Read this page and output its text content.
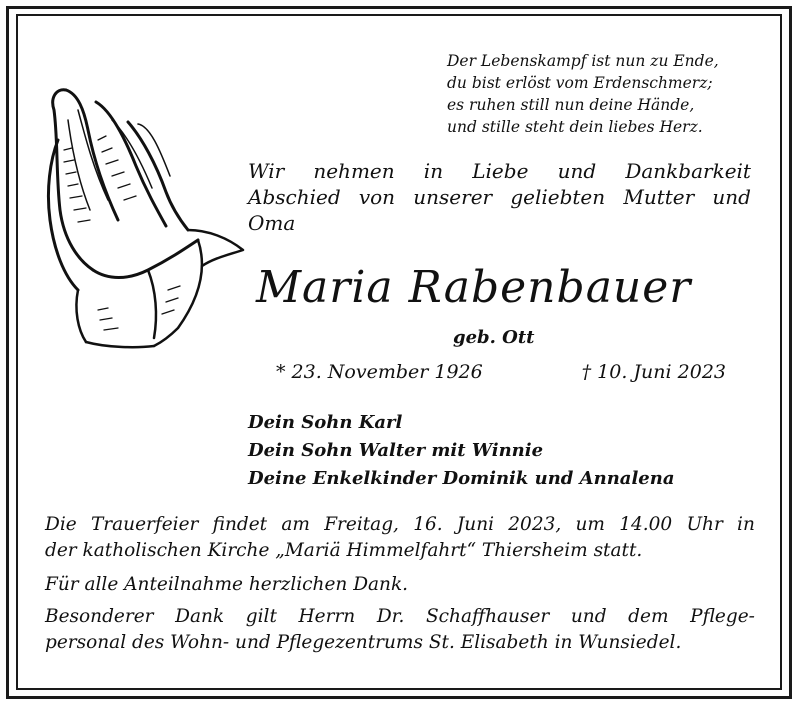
Der Lebenskampf ist nun zu Ende,
du bist erlöst vom Erdenschmerz;
es ruhen still nun deine Hände,
und stille steht dein liebes Herz.
Wir nehmen in Liebe und Dankbarkeit
Abschied von unserer geliebten Mutter und
Oma
Maria Rabenbauer
geb. Ott
* 23. November 1926	† 10. Juni 2023
Dein Sohn Karl
Dein Sohn Walter mit Winnie
Deine Enkelkinder Dominik und Annalena
Die Trauerfeier findet am Freitag, 16. Juni 2023, um 14.00 Uhr in
der katholischen Kirche „Mariä Himmelfahrt“ Thiersheim statt.
Für alle Anteilnahme herzlichen Dank.
Besonderer Dank gilt Herrn Dr. Schaffhauser und dem Pflege-
personal des Wohn- und Pflegezentrums St. Elisabeth in Wunsiedel.
